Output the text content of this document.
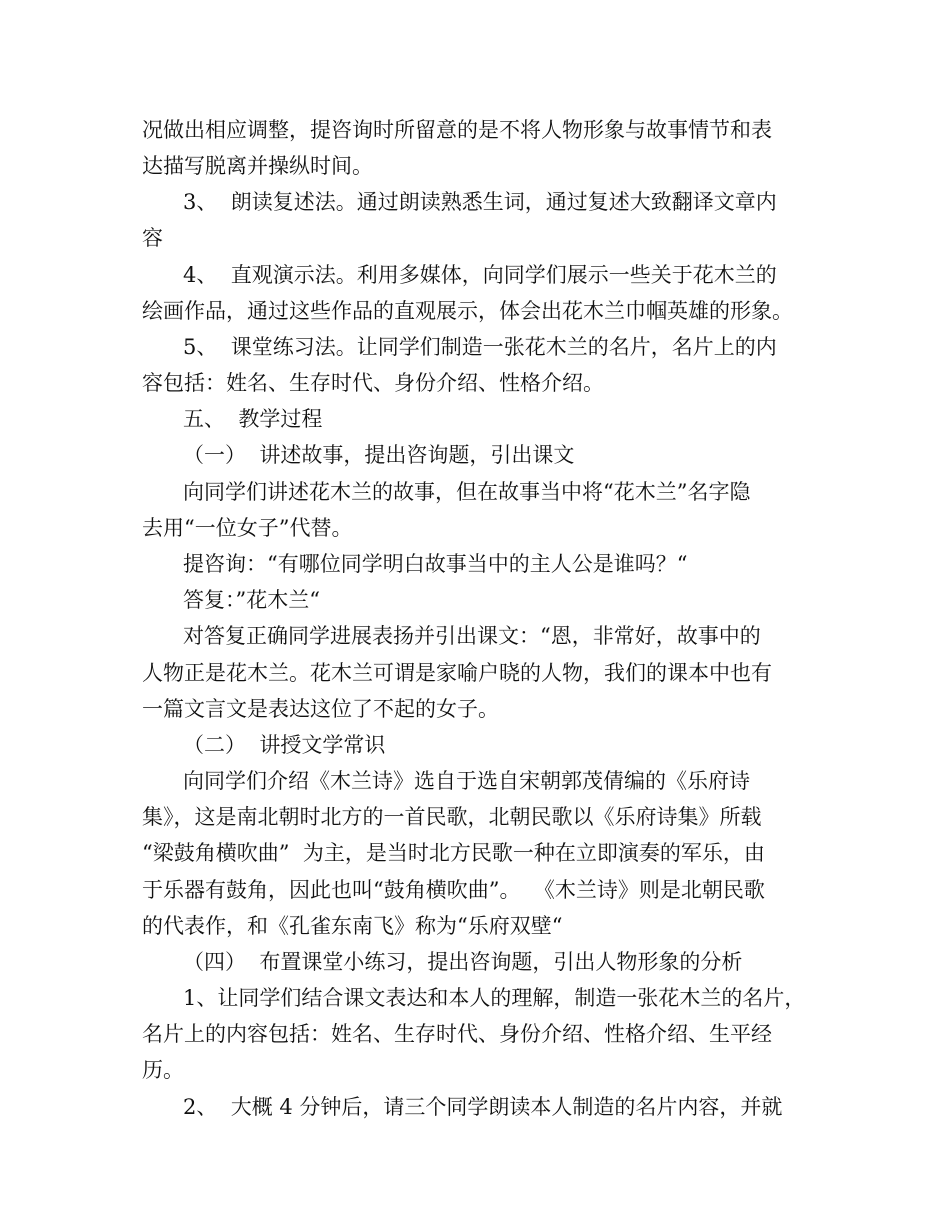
况做出相应调整，提咨询时所留意的是不将人物形象与故事情节和表
达描写脱离并操纵时间。
3、  朗读复述法。通过朗读熟悉生词，通过复述大致翻译文章内
容
4、  直观演示法。利用多媒体，向同学们展示一些关于花木兰的
绘画作品，通过这些作品的直观展示，体会出花木兰巾帼英雄的形象。
5、  课堂练习法。让同学们制造一张花木兰的名片，名片上的内
容包括：姓名、生存时代、身份介绍、性格介绍。
五、  教学过程
（一）  讲述故事，提出咨询题，引出课文
向同学们讲述花木兰的故事，但在故事当中将“花木兰”名字隐
去用“一位女子”代替。
提咨询：“有哪位同学明白故事当中的主人公是谁吗？“
答复：”花木兰“
对答复正确同学进展表扬并引出课文：“恩，非常好，故事中的
人物正是花木兰。花木兰可谓是家喻户晓的人物，我们的课本中也有
一篇文言文是表达这位了不起的女子。
（二）  讲授文学常识
向同学们介绍《木兰诗》选自于选自宋朝郭茂倩编的《乐府诗
集》，这是南北朝时北方的一首民歌，北朝民歌以《乐府诗集》所载
“梁鼓角横吹曲”  为主，是当时北方民歌一种在立即演奏的军乐，由
于乐器有鼓角，因此也叫“鼓角横吹曲”。  《木兰诗》则是北朝民歌
的代表作，和《孔雀东南飞》称为“乐府双壁“
（四）  布置课堂小练习，提出咨询题，引出人物形象的分析
1、让同学们结合课文表达和本人的理解，制造一张花木兰的名片，
名片上的内容包括：姓名、生存时代、身份介绍、性格介绍、生平经
历。
2、  大概 4 分钟后，请三个同学朗读本人制造的名片内容，并就
